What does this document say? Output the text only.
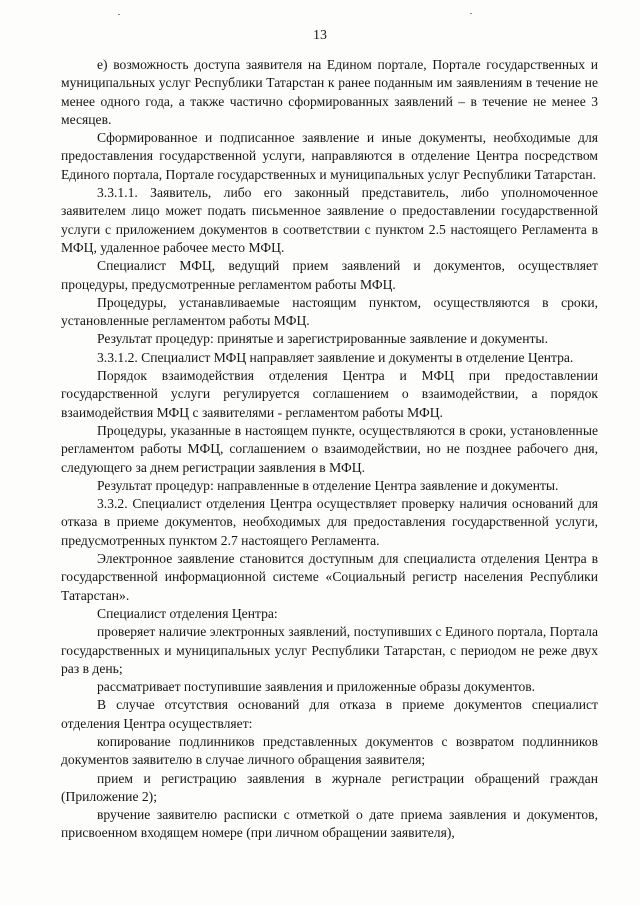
13

е) возможность доступа заявителя на Едином портале, Портале государственных и муниципальных услуг Республики Татарстан к ранее поданным им заявлениям в течение не менее одного года, а также частично сформированных заявлений – в течение не менее 3 месяцев.

Сформированное и подписанное заявление и иные документы, необходимые для предоставления государственной услуги, направляются в отделение Центра посредством Единого портала, Портале государственных и муниципальных услуг Республики Татарстан.

3.3.1.1. Заявитель, либо его законный представитель, либо уполномоченное заявителем лицо может подать письменное заявление о предоставлении государственной услуги с приложением документов в соответствии с пунктом 2.5 настоящего Регламента в МФЦ, удаленное рабочее место МФЦ.

Специалист МФЦ, ведущий прием заявлений и документов, осуществляет процедуры, предусмотренные регламентом работы МФЦ.

Процедуры, устанавливаемые настоящим пунктом, осуществляются в сроки, установленные регламентом работы МФЦ.

Результат процедур: принятые и зарегистрированные заявление и документы.

3.3.1.2. Специалист МФЦ направляет заявление и документы в отделение Центра.

Порядок взаимодействия отделения Центра и МФЦ при предоставлении государственной услуги регулируется соглашением о взаимодействии, а порядок взаимодействия МФЦ с заявителями - регламентом работы МФЦ.

Процедуры, указанные в настоящем пункте, осуществляются в сроки, установленные регламентом работы МФЦ, соглашением о взаимодействии, но не позднее рабочего дня, следующего за днем регистрации заявления в МФЦ.

Результат процедур: направленные в отделение Центра заявление и документы.

3.3.2. Специалист отделения Центра осуществляет проверку наличия оснований для отказа в приеме документов, необходимых для предоставления государственной услуги, предусмотренных пунктом 2.7 настоящего Регламента.

Электронное заявление становится доступным для специалиста отделения Центра в государственной информационной системе «Социальный регистр населения Республики Татарстан».

Специалист отделения Центра:

проверяет наличие электронных заявлений, поступивших с Единого портала, Портала государственных и муниципальных услуг Республики Татарстан, с периодом не реже двух раз в день;

рассматривает поступившие заявления и приложенные образы документов.

В случае отсутствия оснований для отказа в приеме документов специалист отделения Центра осуществляет:

копирование подлинников представленных документов с возвратом подлинников документов заявителю в случае личного обращения заявителя;

прием и регистрацию заявления в журнале регистрации обращений граждан (Приложение 2);

вручение заявителю расписки с отметкой о дате приема заявления и документов, присвоенном входящем номере (при личном обращении заявителя),
